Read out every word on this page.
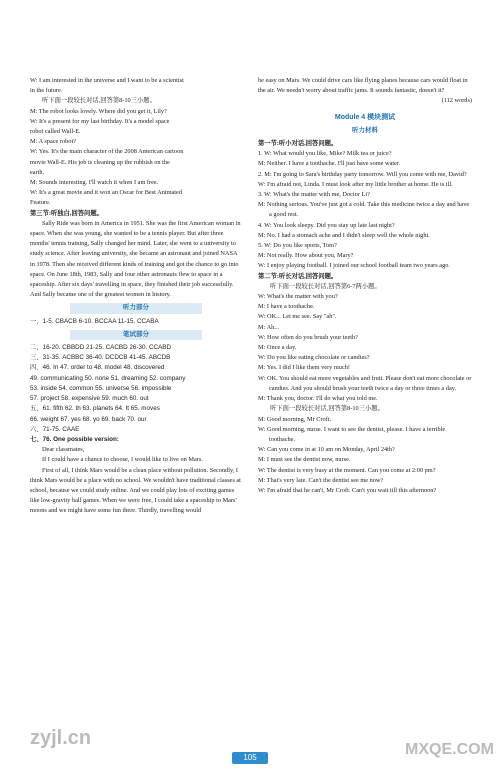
W: I am interested in the universe and I want to be a scientist

in the future.

听下面一段较长对话,回答第8-10三小题。

M: The robot looks lovely. Where did you get it, Lily?

W: It's a present for my last birthday. It's a model space

robot called Wall-E.

M: A space robot?

W: Yes. It's the main character of the 2008 American cartoon

movie Wall-E. His job is cleaning up the rubbish on the

earth.

M: Sounds interesting. I'll watch it when I am free.

W: It's a great movie and it won an Oscar for Best Animated

Feature.

第三节:听独白,回答问题。

Sally Ride was born in America in 1951. She was the first American woman in space. When she was young, she wanted to be a tennis player. But after three months' tennis training, Sally changed her mind. Later, she went to a university to study science. After leaving university, she became an astronaut and joined NASA in 1978. Then she received different kinds of training and got the chance to go into space. On June 18th, 1983, Sally and four other astronauts flew to space in a spaceship. After six days' travelling in space, they finished their job successfully. And Sally became one of the greatest women in history.

听力部分

一、1-5. CBACB 6-10. BCCAA 11-15. CCABA

笔试部分

二、16-20. CBBDD 21-25. CACBD 26-30. CCABD

三、31-35. ACBBC 36-40. DCDCB 41-45. ABCDB

四、46. In 47. order to 48. model 48. discovered

49. communicating 50. none 51. dreaming 52. company

53. inside 54. common 55. universe 56. impossible

57. project 58. expensive 59. much 60. out

五、61. fifth 62. th 63. planets 64. It 65. moves

66. weight 67. yes 68. yo 69. back 70. our

六、71-75. CAAE

七、76. One possible version:

Dear classmates,

If I could have a chance to choose, I would like to live on Mars.

First of all, I think Mars would be a clean place without pollution. Secondly, I think Mars would be a place with no school. We wouldn't have traditional classes at school, because we could study online. And we could play lots of exciting games like low-gravity ball games. When we were free, I could take a spaceship to Mars' moons and we might have some fun there. Thirdly, travelling would

be easy on Mars. We could drive cars like flying planes because cars would float in the air. We needn't worry about traffic jams. It sounds fantastic, doesn't it?

(112 words)

Module 4 模块测试
听力材料

第一节:听小对话,回答问题。

1. W: What would you like, Mike? Milk tea or juice?

M: Neither. I have a toothache. I'll just have some water.

2. M: I'm going to Sara's birthday party tomorrow. Will you come with me, David?

W: I'm afraid not, Linda. I must look after my little brother at home. He is ill.

3. W: What's the matter with me, Doctor Li?

M: Nothing serious. You've just got a cold. Take this medicine twice a day and have a good rest.

4. W: You look sleepy. Did you stay up late last night?

M: No. I had a stomach ache and I didn't sleep well the whole night.

5. W: Do you like sports, Tom?

M: Not really. How about you, Mary?

W: I enjoy playing football. I joined our school football team two years ago.

第二节:听长对话,回答问题。

听下面一段较长对话,回答第6-7两小题。

W: What's the matter with you?

M: I have a toothache.

W: OK... Let me see. Say "ah".

M: Ah...

W: How often do you brush your teeth?

M: Once a day.

W: Do you like eating chocolate or candies?

M: Yes. I did I like them very much!

W: OK. You should eat more vegetables and fruit. Please don't eat more chocolate or candies. And you should brush your teeth twice a day or three times a day.

M: Thank you, doctor. I'll do what you told me.

听下面一段较长对话,回答第8-10三小题。

M: Good morning, Mr Croft.

W: Good morning, nurse. I want to see the dentist, please. I have a terrible toothache.

W: Can you come in at 10 am on Monday, April 24th?

M: I must see the dentist now, nurse.

W: The dentist is very busy at the moment. Can you come at 2:00 pm?

M: That's very late. Can't the dentist see me now?

W: I'm afraid that he can't, Mr Croft. Can't you wait till this afternoon?

zyjl.cn
105	MXQE.COM
